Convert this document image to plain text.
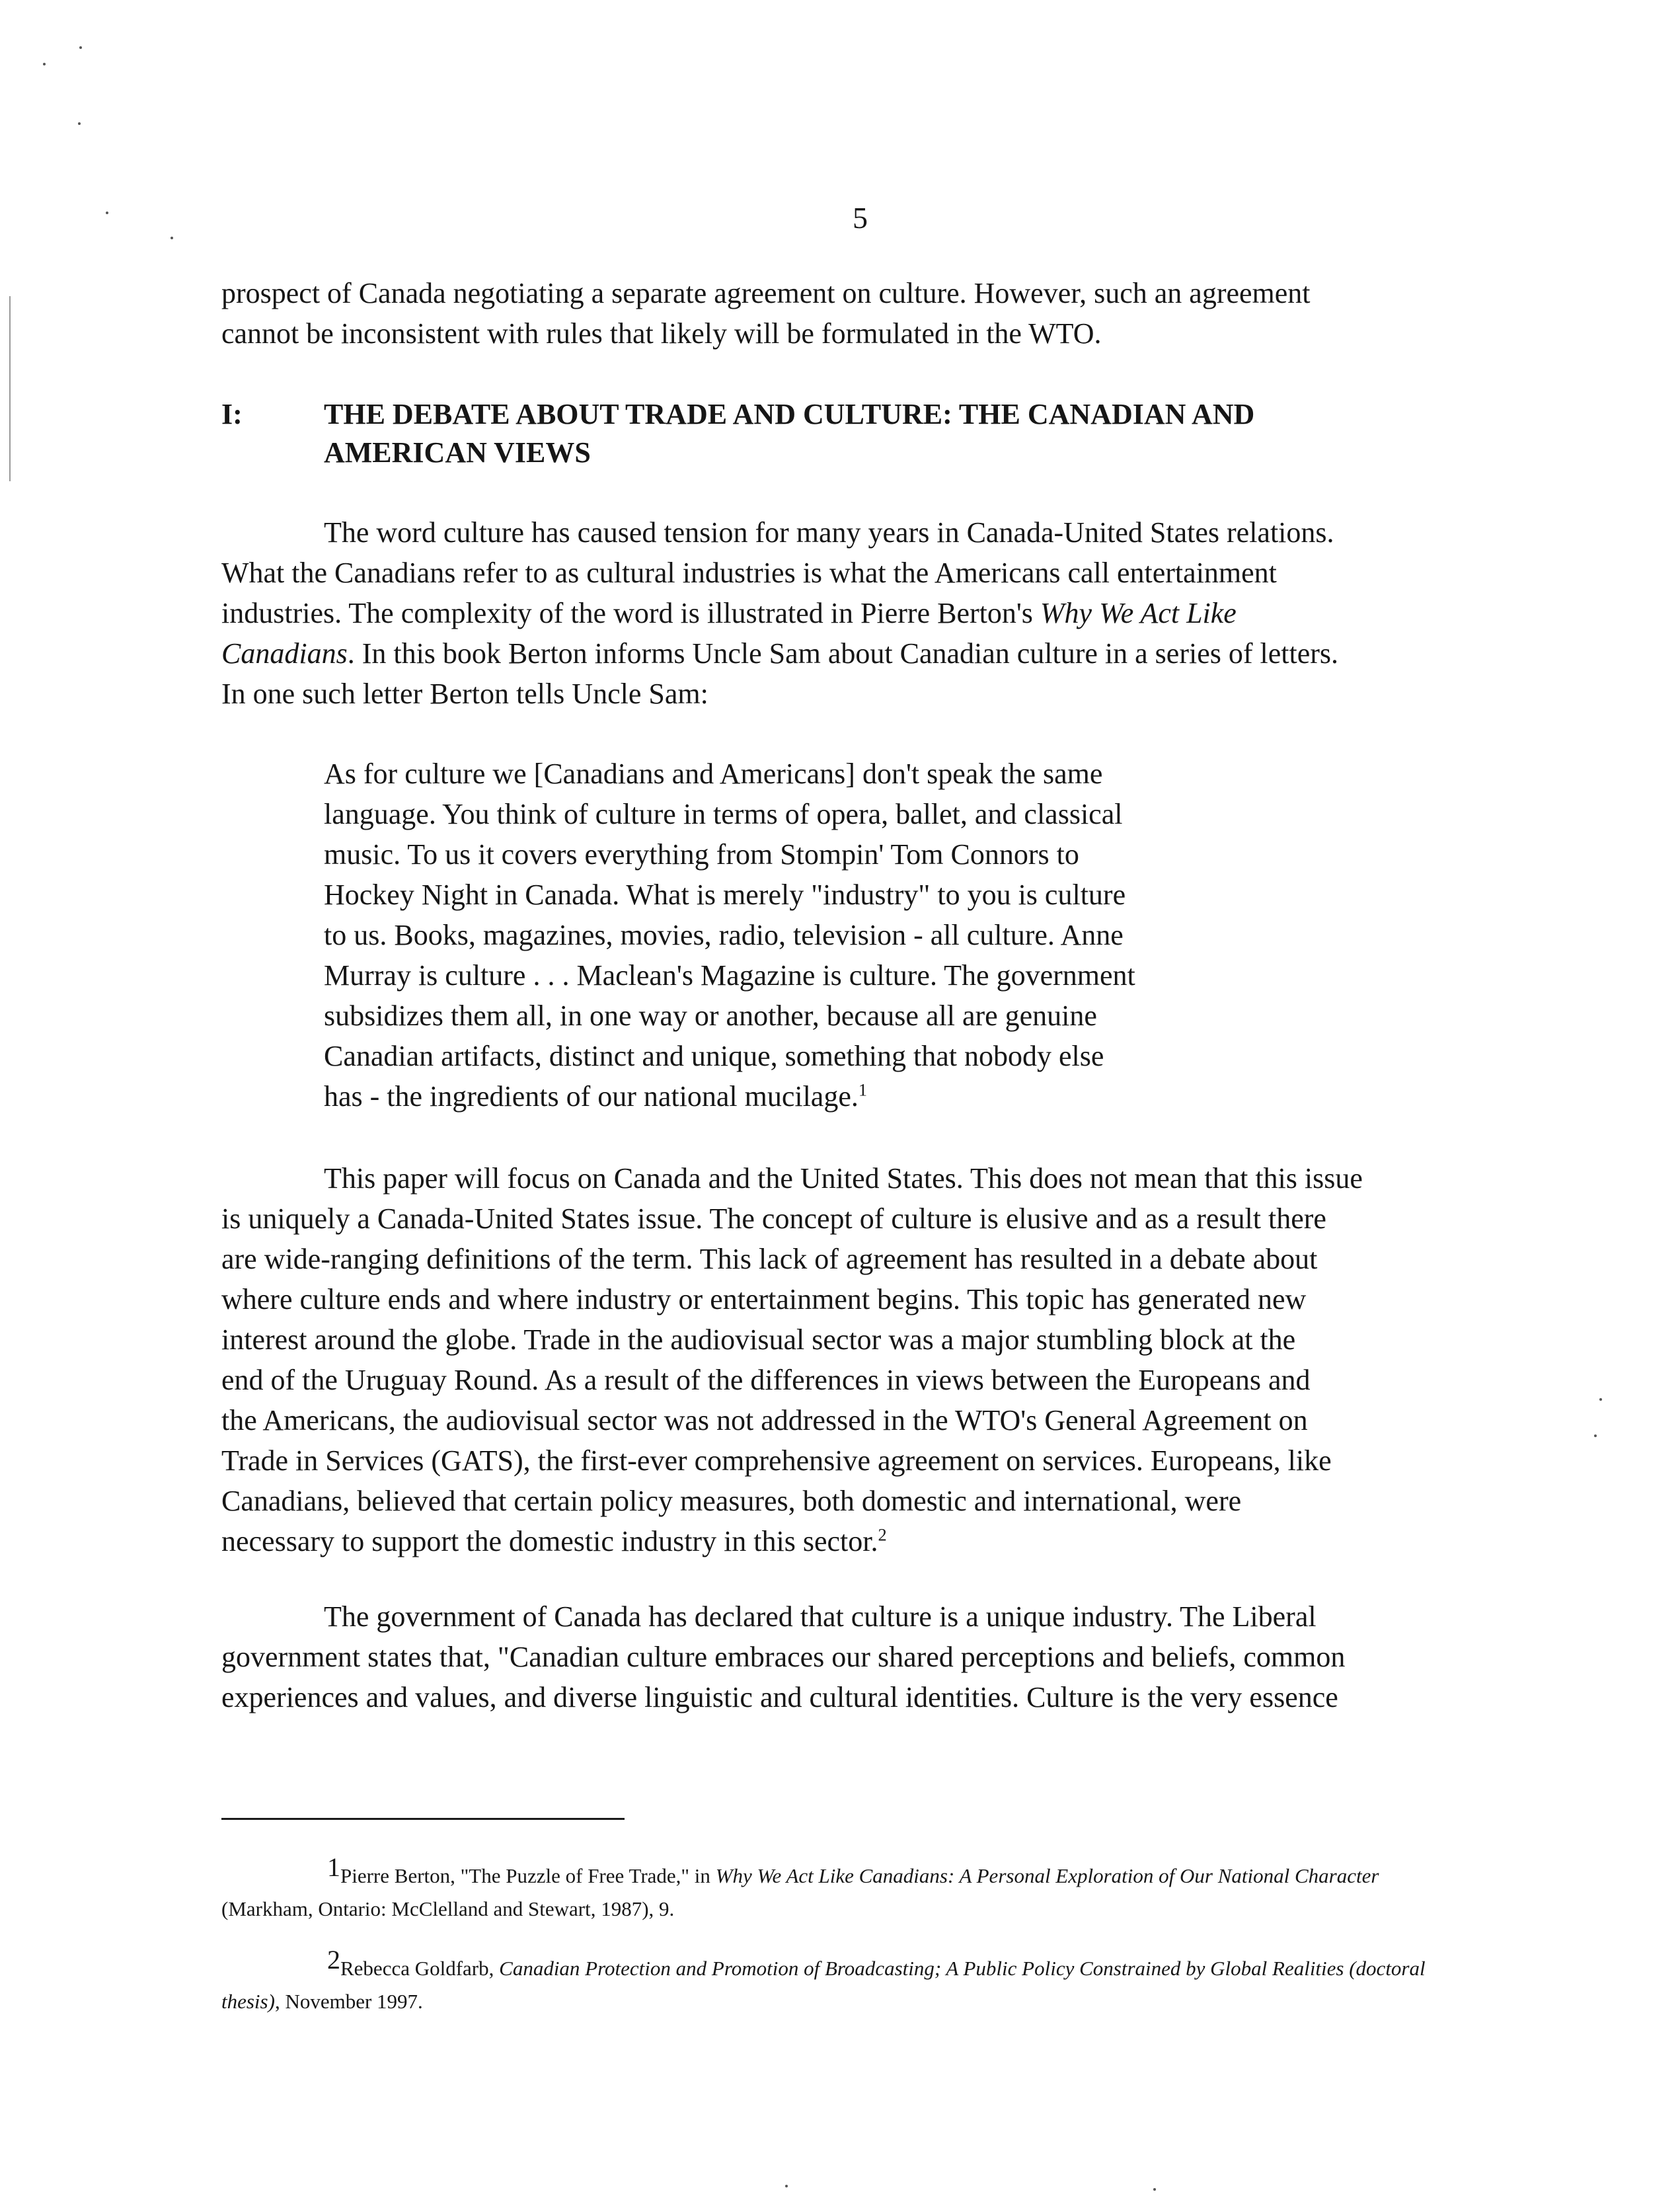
5

prospect of Canada negotiating a separate agreement on culture. However, such an agreement
cannot be inconsistent with rules that likely will be formulated in the WTO.

I:	THE DEBATE ABOUT TRADE AND CULTURE: THE CANADIAN AND
AMERICAN VIEWS

The word culture has caused tension for many years in Canada-United States relations.
What the Canadians refer to as cultural industries is what the Americans call entertainment
industries. The complexity of the word is illustrated in Pierre Berton's Why We Act Like
Canadians. In this book Berton informs Uncle Sam about Canadian culture in a series of letters.
In one such letter Berton tells Uncle Sam:

As for culture we [Canadians and Americans] don't speak the same
language. You think of culture in terms of opera, ballet, and classical
music. To us it covers everything from Stompin' Tom Connors to
Hockey Night in Canada. What is merely "industry" to you is culture
to us. Books, magazines, movies, radio, television - all culture. Anne
Murray is culture . . . Maclean's Magazine is culture. The government
subsidizes them all, in one way or another, because all are genuine
Canadian artifacts, distinct and unique, something that nobody else
has - the ingredients of our national mucilage.$^1$

This paper will focus on Canada and the United States. This does not mean that this issue
is uniquely a Canada-United States issue. The concept of culture is elusive and as a result there
are wide-ranging definitions of the term. This lack of agreement has resulted in a debate about
where culture ends and where industry or entertainment begins. This topic has generated new
interest around the globe. Trade in the audiovisual sector was a major stumbling block at the
end of the Uruguay Round. As a result of the differences in views between the Europeans and
the Americans, the audiovisual sector was not addressed in the WTO's General Agreement on
Trade in Services (GATS), the first-ever comprehensive agreement on services. Europeans, like
Canadians, believed that certain policy measures, both domestic and international, were
necessary to support the domestic industry in this sector.$^2$

The government of Canada has declared that culture is a unique industry. The Liberal
government states that, "Canadian culture embraces our shared perceptions and beliefs, common
experiences and values, and diverse linguistic and cultural identities. Culture is the very essence

1Pierre Berton, "The Puzzle of Free Trade," in Why We Act Like Canadians: A Personal Exploration of Our National Character
(Markham, Ontario: McClelland and Stewart, 1987), 9.
2Rebecca Goldfarb, Canadian Protection and Promotion of Broadcasting; A Public Policy Constrained by Global Realities (doctoral
thesis), November 1997.
